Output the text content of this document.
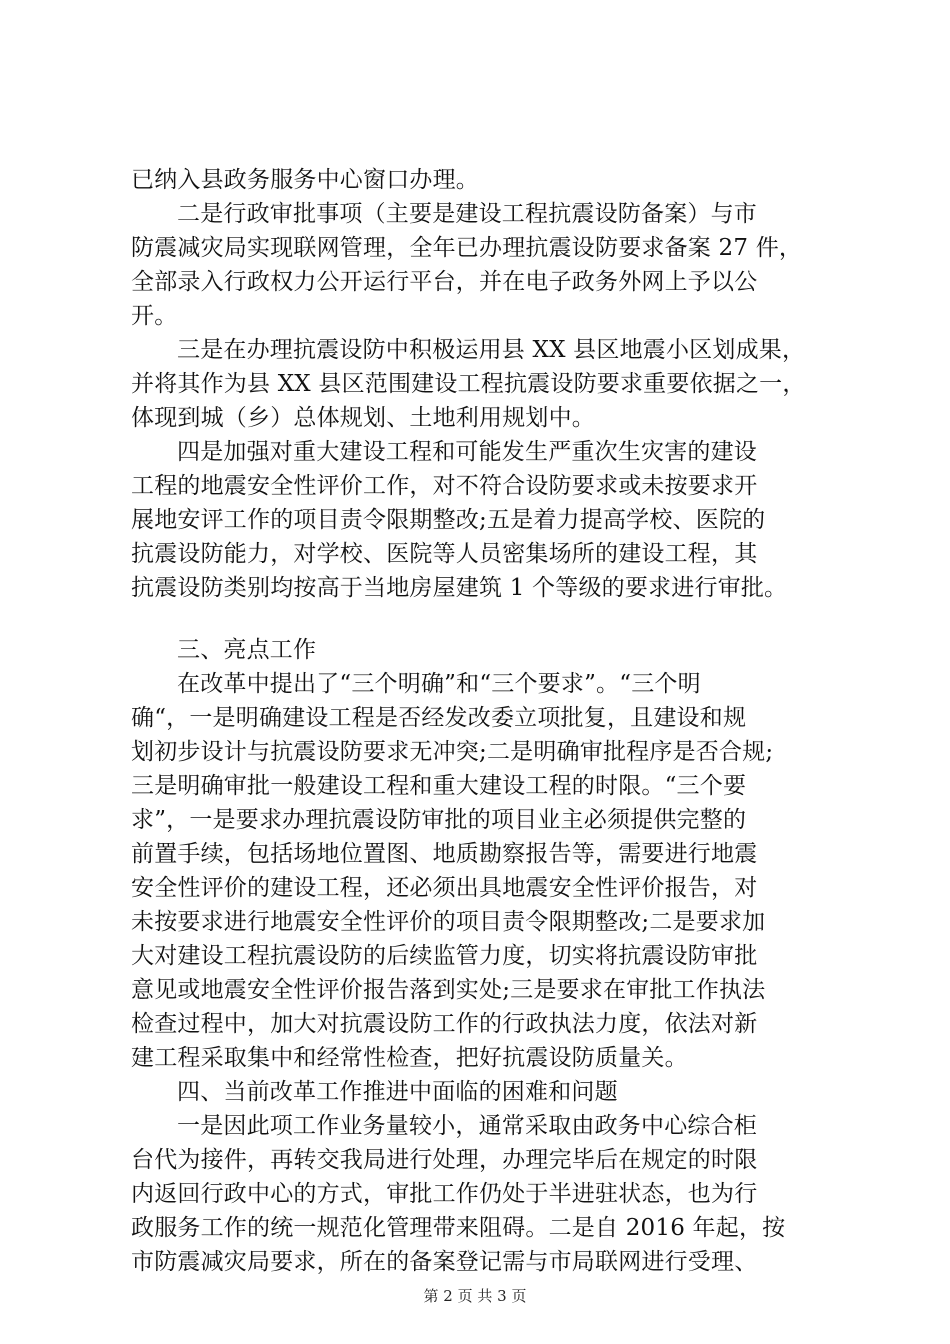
已纳入县政务服务中心窗口办理。
二是行政审批事项（主要是建设工程抗震设防备案）与市
防震减灾局实现联网管理，全年已办理抗震设防要求备案 27 件，
全部录入行政权力公开运行平台，并在电子政务外网上予以公
开。
三是在办理抗震设防中积极运用县 XX 县区地震小区划成果，
并将其作为县 XX 县区范围建设工程抗震设防要求重要依据之一，
体现到城（乡）总体规划、土地利用规划中。
四是加强对重大建设工程和可能发生严重次生灾害的建设
工程的地震安全性评价工作，对不符合设防要求或未按要求开
展地安评工作的项目责令限期整改;五是着力提高学校、医院的
抗震设防能力，对学校、医院等人员密集场所的建设工程，其
抗震设防类别均按高于当地房屋建筑 1 个等级的要求进行审批。
三、亮点工作
在改革中提出了“三个明确”和“三个要求”。“三个明
确“，一是明确建设工程是否经发改委立项批复，且建设和规
划初步设计与抗震设防要求无冲突;二是明确审批程序是否合规;
三是明确审批一般建设工程和重大建设工程的时限。“三个要
求”，一是要求办理抗震设防审批的项目业主必须提供完整的
前置手续，包括场地位置图、地质勘察报告等，需要进行地震
安全性评价的建设工程，还必须出具地震安全性评价报告，对
未按要求进行地震安全性评价的项目责令限期整改;二是要求加
大对建设工程抗震设防的后续监管力度，切实将抗震设防审批
意见或地震安全性评价报告落到实处;三是要求在审批工作执法
检查过程中，加大对抗震设防工作的行政执法力度，依法对新
建工程采取集中和经常性检查，把好抗震设防质量关。
四、当前改革工作推进中面临的困难和问题
一是因此项工作业务量较小，通常采取由政务中心综合柜
台代为接件，再转交我局进行处理，办理完毕后在规定的时限
内返回行政中心的方式，审批工作仍处于半进驻状态，也为行
政服务工作的统一规范化管理带来阻碍。二是自 2016 年起，按
市防震减灾局要求，所在的备案登记需与市局联网进行受理、
第 2 页 共 3 页
